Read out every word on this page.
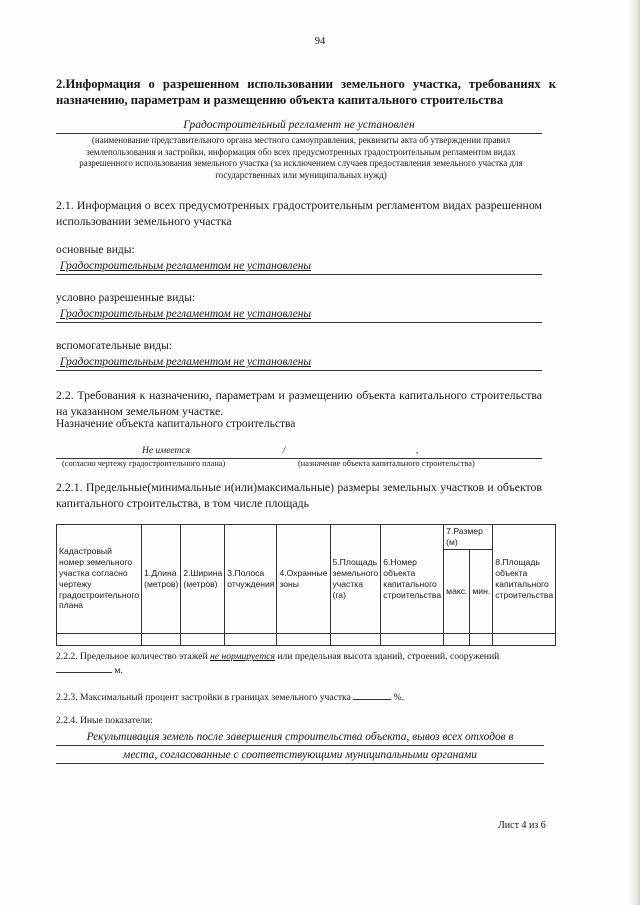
94
2.Информация о разрешенном использовании земельного участка, требованиях к назначению, параметрам и размещению объекта капитального строительства
Градостроительный регламент не установлен
(наименование представительного органа местного самоуправления, реквизиты акта об утверждении правил землепользования и застройки, информация обо всех предусмотренных градостроительным регламентом видах разрешенного использования земельного участка (за исключением случаев предоставления земельного участка для государственных или муниципальных нужд)
2.1. Информация о всех предусмотренных градостроительным регламентом видах разрешенном использовании земельного участка
основные виды:
Градостроительным регламентом не установлены
условно разрешенные виды:
Градостроительным регламентом не установлены
вспомогательные виды:
Градостроительным регламентом не установлены
2.2. Требования к назначению, параметрам и размещению объекта капитального строительства на указанном земельном участке.
Назначение объекта капитального строительства
Не имеется	/	,
(согласно чертежу градостроительного плана)	(назначение объекта капитального строительства)
2.2.1. Предельные(минимальные и(или)максимальные) размеры земельных участков и объектов капитального строительства, в том числе площадь
Кадастровый номер земельного участка согласно чертежу градостроительного плана	1.Длина (метров)	2.Ширина (метров)	3.Полоса отчуждения	4.Охранные зоны	5.Площадь земельного участка (га)	6.Номер объекта капитального строительства	7.Размер (м)		8.Площадь объекта капитального строительства
							макс.	мин.	

2.2.2. Предельное количество этажей не нормируется или предельная высота зданий, строений, сооружений  м.
2.2.3. Максимальный процент застройки в границах земельного участка	%.
2.2.4. Иные показатели:
Рекультивация земель после завершения строительства объекта, вывоз всех отходов в
места, согласованные с соответствующими муниципальными органами
Лист 4 из 6
